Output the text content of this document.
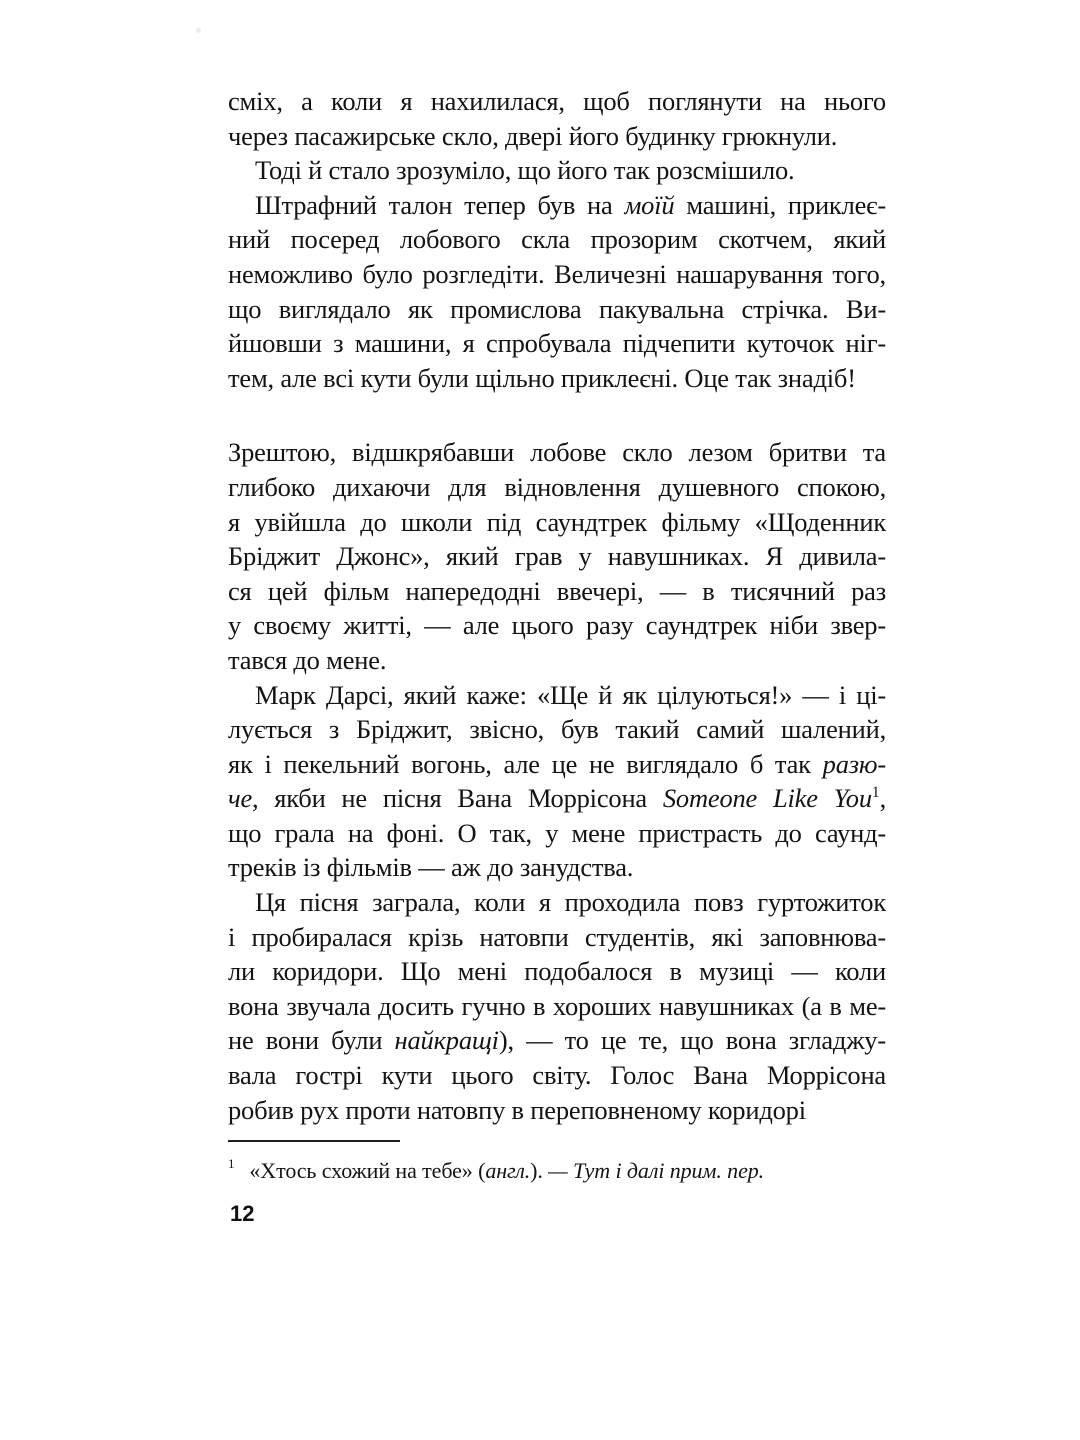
сміх, а коли я нахилилася, щоб поглянути на нього
через пасажирське скло, двері його будинку грюкнули.
Тоді й стало зрозуміло, що його так розсмішило.
Штрафний талон тепер був на моїй машині, приклеє-
ний посеред лобового скла прозорим скотчем, який
неможливо було розгледіти. Величезні нашарування того,
що виглядало як промислова пакувальна стрічка. Ви-
йшовши з машини, я спробувала підчепити куточок ніг-
тем, але всі кути були щільно приклеєні. Оце так знадіб!
Зрештою, відшкрябавши лобове скло лезом бритви та
глибоко дихаючи для відновлення душевного спокою,
я увійшла до школи під саундтрек фільму «Щоденник
Бріджит Джонс», який грав у навушниках. Я дивила-
ся цей фільм напередодні ввечері, — в тисячний раз
у своєму житті, — але цього разу саундтрек ніби звер-
тався до мене.
Марк Дарсі, який каже: «Ще й як цілуються!» — і ці-
лується з Бріджит, звісно, був такий самий шалений,
як і пекельний вогонь, але це не виглядало б так разю-
че, якби не пісня Вана Моррісона Someone Like You$^1$,
що грала на фоні. О так, у мене пристрасть до саунд-
треків із фільмів — аж до занудства.
Ця пісня заграла, коли я проходила повз гуртожиток
і пробиралася крізь натовпи студентів, які заповнюва-
ли коридори. Що мені подобалося в музиці — коли
вона звучала досить гучно в хороших навушниках (а в ме-
не вони були найкращі), — то це те, що вона згладжу-
вала гострі кути цього світу. Голос Вана Моррісона
робив рух проти натовпу в переповненому коридорі
1 «Хтось схожий на тебе» (англ.). — Тут і далі прим. пер.
12
